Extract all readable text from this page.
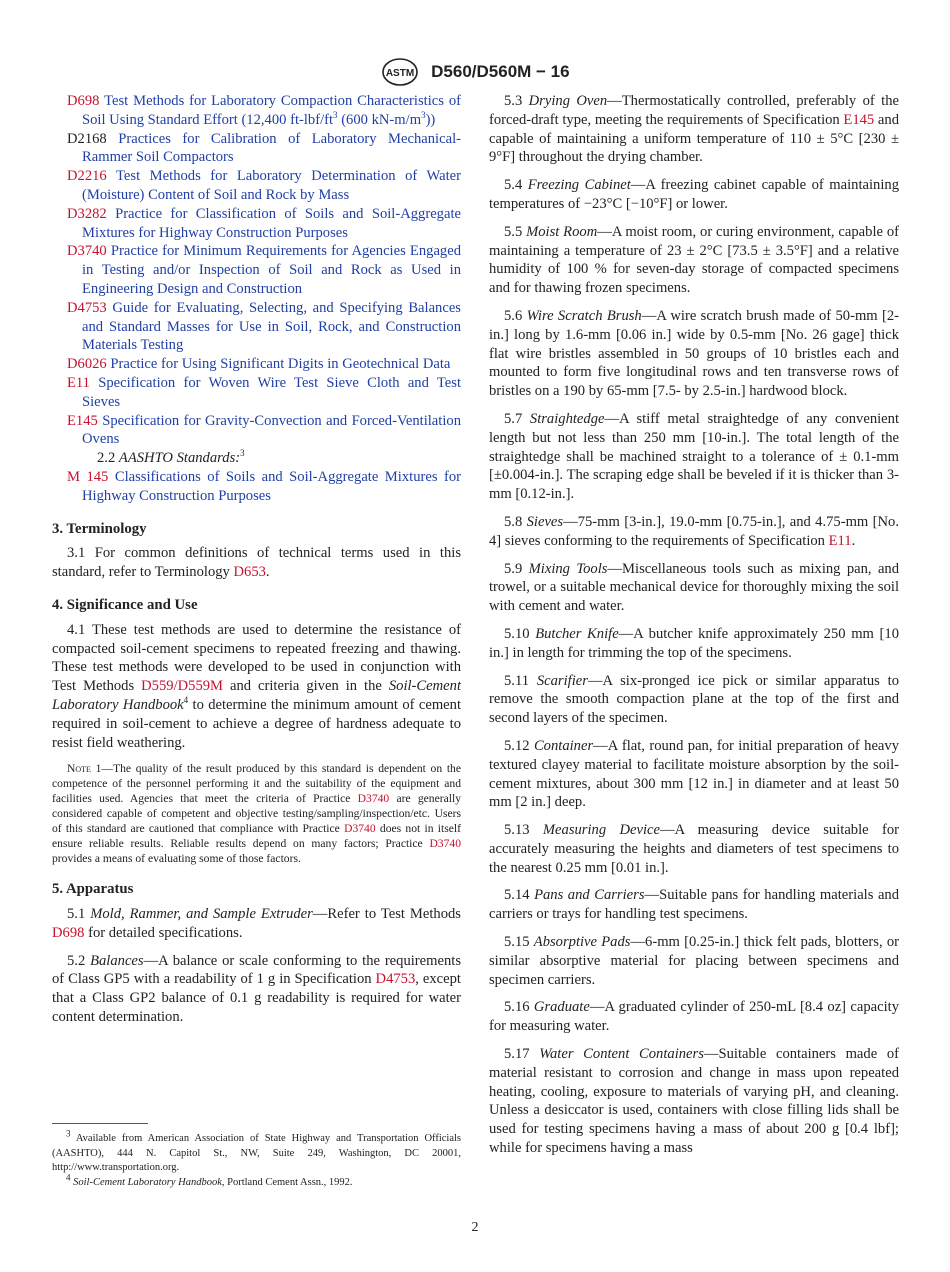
ASTM D560/D560M − 16
D698 Test Methods for Laboratory Compaction Characteristics of Soil Using Standard Effort (12,400 $ft-lbf/ft^3$ (600 $kN-m/m^3$))
D2168 Practices for Calibration of Laboratory Mechanical-Rammer Soil Compactors
D2216 Test Methods for Laboratory Determination of Water (Moisture) Content of Soil and Rock by Mass
D3282 Practice for Classification of Soils and Soil-Aggregate Mixtures for Highway Construction Purposes
D3740 Practice for Minimum Requirements for Agencies Engaged in Testing and/or Inspection of Soil and Rock as Used in Engineering Design and Construction
D4753 Guide for Evaluating, Selecting, and Specifying Balances and Standard Masses for Use in Soil, Rock, and Construction Materials Testing
D6026 Practice for Using Significant Digits in Geotechnical Data
E11 Specification for Woven Wire Test Sieve Cloth and Test Sieves
E145 Specification for Gravity-Convection and Forced-Ventilation Ovens
2.2 AASHTO Standards:$^3$
M 145 Classifications of Soils and Soil-Aggregate Mixtures for Highway Construction Purposes
3. Terminology

3.1 For common definitions of technical terms used in this standard, refer to Terminology D653.

4. Significance and Use

4.1 These test methods are used to determine the resistance of compacted soil-cement specimens to repeated freezing and thawing. These test methods were developed to be used in conjunction with Test Methods D559/D559M and criteria given in the Soil-Cement Laboratory Handbook$^4$ to determine the minimum amount of cement required in soil-cement to achieve a degree of hardness adequate to resist field weathering.

Note 1—The quality of the result produced by this standard is dependent on the competence of the personnel performing it and the suitability of the equipment and facilities used. Agencies that meet the criteria of Practice D3740 are generally considered capable of competent and objective testing/sampling/inspection/etc. Users of this standard are cautioned that compliance with Practice D3740 does not in itself ensure reliable results. Reliable results depend on many factors; Practice D3740 provides a means of evaluating some of those factors.
5. Apparatus

5.1 Mold, Rammer, and Sample Extruder—Refer to Test Methods D698 for detailed specifications.

5.2 Balances—A balance or scale conforming to the requirements of Class GP5 with a readability of 1 g in Specification D4753, except that a Class GP2 balance of 0.1 g readability is required for water content determination.

5.3 Drying Oven—Thermostatically controlled, preferably of the forced-draft type, meeting the requirements of Specification E145 and capable of maintaining a uniform temperature of 110 ± 5°C [230 ± 9°F] throughout the drying chamber.

5.4 Freezing Cabinet—A freezing cabinet capable of maintaining temperatures of −23°C [−10°F] or lower.

5.5 Moist Room—A moist room, or curing environment, capable of maintaining a temperature of 23 ± 2°C [73.5 ± 3.5°F] and a relative humidity of 100 % for seven-day storage of compacted specimens and for thawing frozen specimens.

5.6 Wire Scratch Brush—A wire scratch brush made of 50-mm [2-in.] long by 1.6-mm [0.06 in.] wide by 0.5-mm [No. 26 gage] thick flat wire bristles assembled in 50 groups of 10 bristles each and mounted to form five longitudinal rows and ten transverse rows of bristles on a 190 by 65-mm [7.5- by 2.5-in.] hardwood block.

5.7 Straightedge—A stiff metal straightedge of any convenient length but not less than 250 mm [10-in.]. The total length of the straightedge shall be machined straight to a tolerance of ± 0.1-mm [±0.004-in.]. The scraping edge shall be beveled if it is thicker than 3-mm [0.12-in.].

5.8 Sieves—75-mm [3-in.], 19.0-mm [0.75-in.], and 4.75-mm [No. 4] sieves conforming to the requirements of Specification E11.

5.9 Mixing Tools—Miscellaneous tools such as mixing pan, and trowel, or a suitable mechanical device for thoroughly mixing the soil with cement and water.

5.10 Butcher Knife—A butcher knife approximately 250 mm [10 in.] in length for trimming the top of the specimens.

5.11 Scarifier—A six-pronged ice pick or similar apparatus to remove the smooth compaction plane at the top of the first and second layers of the specimen.

5.12 Container—A flat, round pan, for initial preparation of heavy textured clayey material to facilitate moisture absorption by the soil-cement mixtures, about 300 mm [12 in.] in diameter and at least 50 mm [2 in.] deep.

5.13 Measuring Device—A measuring device suitable for accurately measuring the heights and diameters of test specimens to the nearest 0.25 mm [0.01 in.].

5.14 Pans and Carriers—Suitable pans for handling materials and carriers or trays for handling test specimens.

5.15 Absorptive Pads—6-mm [0.25-in.] thick felt pads, blotters, or similar absorptive material for placing between specimens and specimen carriers.

5.16 Graduate—A graduated cylinder of 250-mL [8.4 oz] capacity for measuring water.

5.17 Water Content Containers—Suitable containers made of material resistant to corrosion and change in mass upon repeated heating, cooling, exposure to materials of varying pH, and cleaning. Unless a desiccator is used, containers with close filling lids shall be used for testing specimens having a mass of about 200 g [0.4 lbf]; while for specimens having a mass

$^3$ Available from American Association of State Highway and Transportation Officials (AASHTO), 444 N. Capitol St., NW, Suite 249, Washington, DC 20001, http://www.transportation.org.
$^4$ Soil-Cement Laboratory Handbook, Portland Cement Assn., 1992.
2
